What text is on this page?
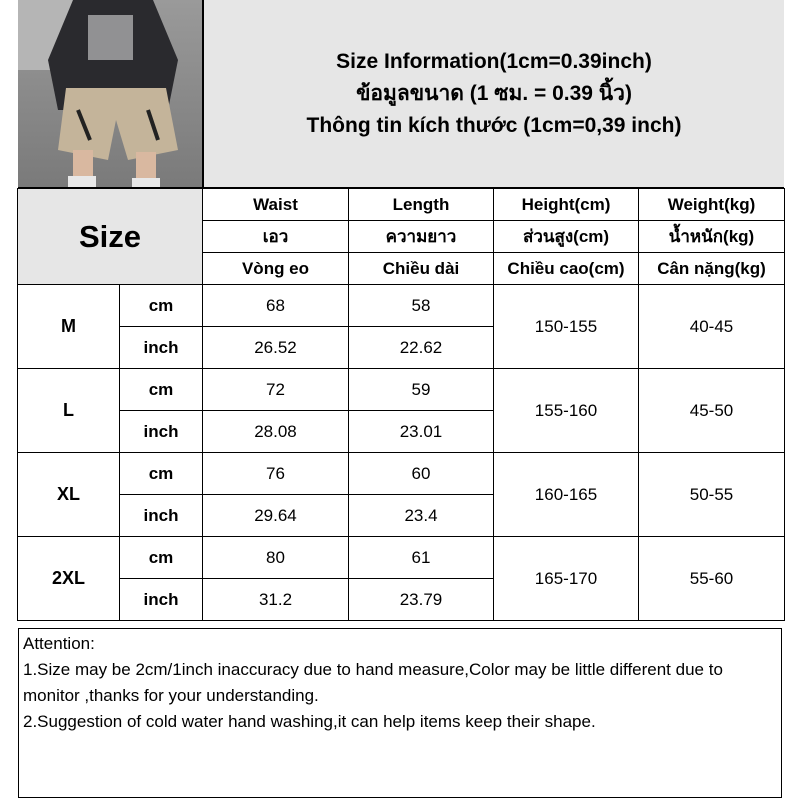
Size Information(1cm=0.39inch)
ข้อมูลขนาด (1 ซม. = 0.39 นิ้ว)
Thông tin kích thước (1cm=0,39 inch)
Size		Waist	Length	Height(cm)	Weight(kg)
		เอว	ความยาว	ส่วนสูง(cm)	น้ำหนัก(kg)
		Vòng eo	Chiều dài	Chiều cao(cm)	Cân nặng(kg)
M	cm	68	58	150-155	40-45
	inch	26.52	22.62		
L	cm	72	59	155-160	45-50
	inch	28.08	23.01		
XL	cm	76	60	160-165	50-55
	inch	29.64	23.4		
2XL	cm	80	61	165-170	55-60
	inch	31.2	23.79		

Attention:

1.Size may be 2cm/1inch inaccuracy due to hand measure,Color may be little different due to monitor ,thanks for your understanding.

2.Suggestion of cold water hand washing,it can help items keep their shape.
